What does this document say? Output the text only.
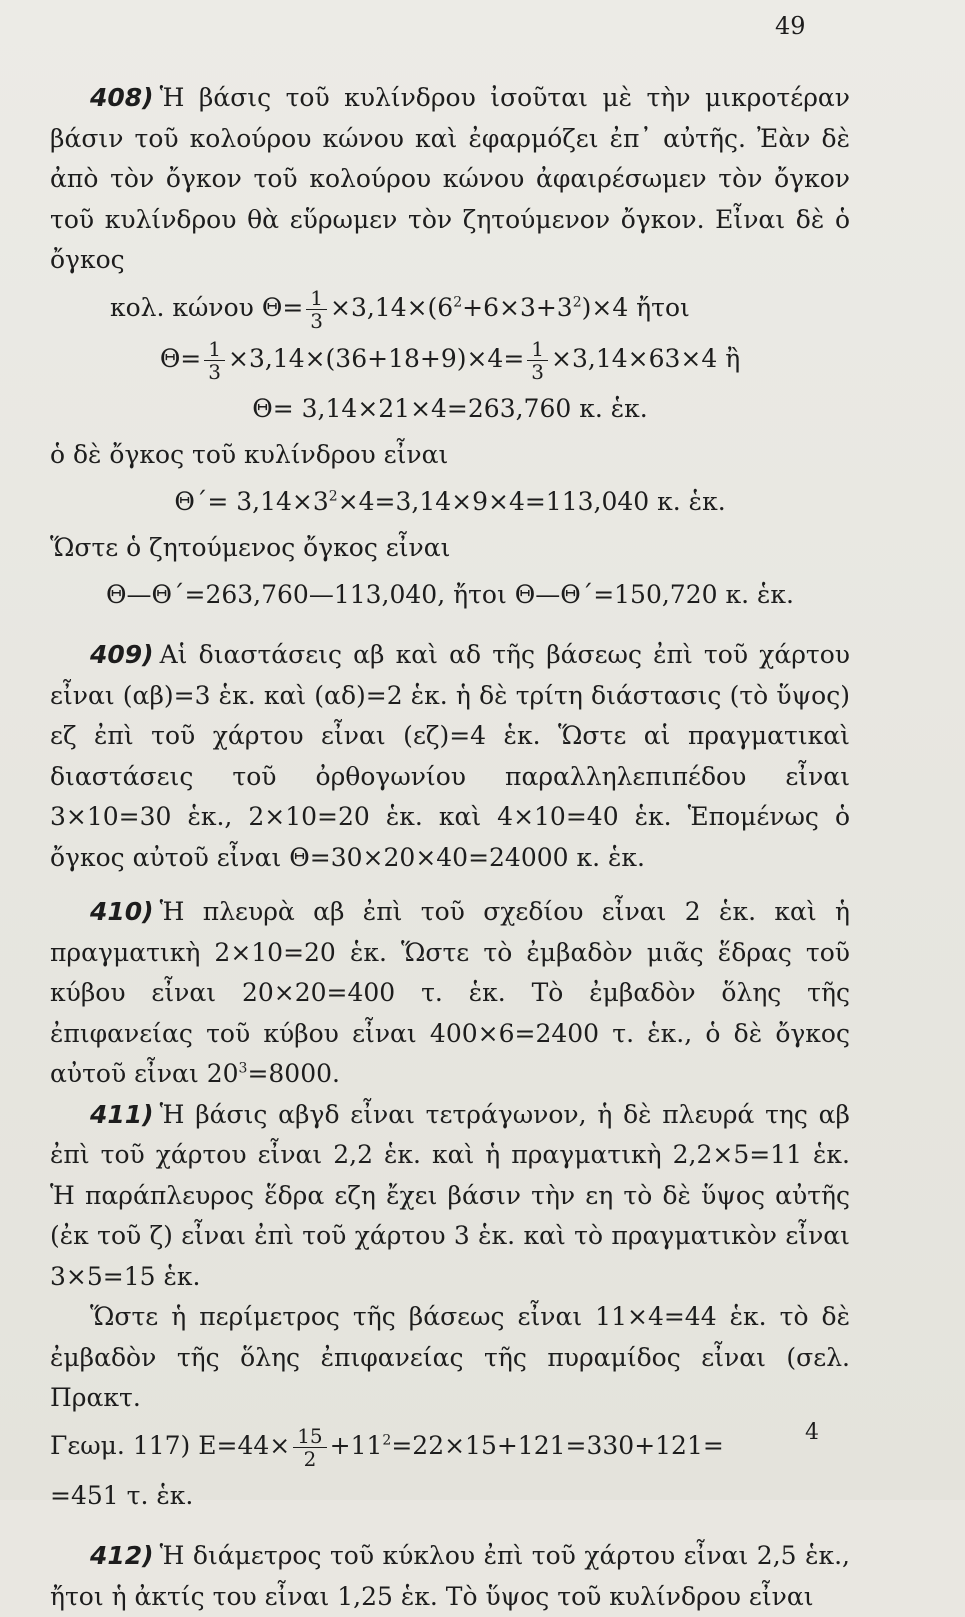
49

408) Ἡ βάσις τοῦ κυλίνδρου ἰσοῦται μὲ τὴν μικροτέραν βάσιν τοῦ κολούρου κώνου καὶ ἐφαρμόζει ἐπ᾽ αὐτῆς. Ἐὰν δὲ ἀπὸ τὸν ὄγκον τοῦ κολούρου κώνου ἀφαιρέσωμεν τὸν ὄγκον τοῦ κυλίνδρου θὰ εὕρωμεν τὸν ζητούμενον ὄγκον. Εἶναι δὲ ὁ ὄγκος

κολ. κώνου $\Theta= \frac{1}{3} \times 3,14\times(6^2+6\times 3+3^2)\times 4$ ἤτοι
$\Theta= \frac{1}{3} \times 3,14\times(36+18+9)\times 4= \frac{1}{3} \times 3,14\times 63\times 4$ ἢ
Θ= 3,14×21×4=263,760 κ. ἑκ.

ὁ δὲ ὄγκος τοῦ κυλίνδρου εἶναι

$\Theta΄= 3,14\times 3^2\times 4=3,14\times 9\times 4=113,040$ κ. ἑκ.

Ὥστε ὁ ζητούμενος ὄγκος εἶναι

Θ—Θ΄=263,760—113,040, ἤτοι Θ—Θ΄=150,720 κ. ἑκ.

409) Αἱ διαστάσεις αβ καὶ αδ τῆς βάσεως ἐπὶ τοῦ χάρτου εἶναι (αβ)=3 ἑκ. καὶ (αδ)=2 ἑκ. ἡ δὲ τρίτη διάστασις (τὸ ὕψος) εζ ἐπὶ τοῦ χάρτου εἶναι (εζ)=4 ἑκ. Ὥστε αἱ πραγματικαὶ διαστάσεις τοῦ ὀρθογωνίου παραλληλεπιπέδου εἶναι 3×10=30 ἑκ., 2×10=20 ἑκ. καὶ 4×10=40 ἑκ. Ἑπομένως ὁ ὄγκος αὐτοῦ εἶναι Θ=30×20×40=24000 κ. ἑκ.

410) Ἡ πλευρὰ αβ ἐπὶ τοῦ σχεδίου εἶναι 2 ἑκ. καὶ ἡ πραγματικὴ 2×10=20 ἑκ. Ὥστε τὸ ἐμβαδὸν μιᾶς ἕδρας τοῦ κύβου εἶναι 20×20=400 τ. ἑκ. Τὸ ἐμβαδὸν ὅλης τῆς ἐπιφανείας τοῦ κύβου εἶναι 400×6=2400 τ. ἑκ., ὁ δὲ ὄγκος αὐτοῦ εἶναι $20^3=8000$.

411) Ἡ βάσις αβγδ εἶναι τετράγωνον, ἡ δὲ πλευρά της αβ ἐπὶ τοῦ χάρτου εἶναι 2,2 ἑκ. καὶ ἡ πραγματικὴ 2,2×5=11 ἑκ. Ἡ παράπλευρος ἕδρα εζη ἔχει βάσιν τὴν εη τὸ δὲ ὕψος αὐτῆς (ἐκ τοῦ ζ) εἶναι ἐπὶ τοῦ χάρτου 3 ἑκ. καὶ τὸ πραγματικὸν εἶναι 3×5=15 ἑκ.

Ὥστε ἡ περίμετρος τῆς βάσεως εἶναι 11×4=44 ἑκ. τὸ δὲ ἐμβαδὸν τῆς ὅλης ἐπιφανείας τῆς πυραμίδος εἶναι (σελ. Πρακτ.

Γεωμ. 117) $E=44\times \frac{15}{2} +11^2=22\times 15+121=330+121=$
=451 τ. ἑκ.

412) Ἡ διάμετρος τοῦ κύκλου ἐπὶ τοῦ χάρτου εἶναι 2,5 ἑκ., ἤτοι ἡ ἀκτίς του εἶναι 1,25 ἑκ. Τὸ ὕψος τοῦ κυλίνδρου εἶναι

4
